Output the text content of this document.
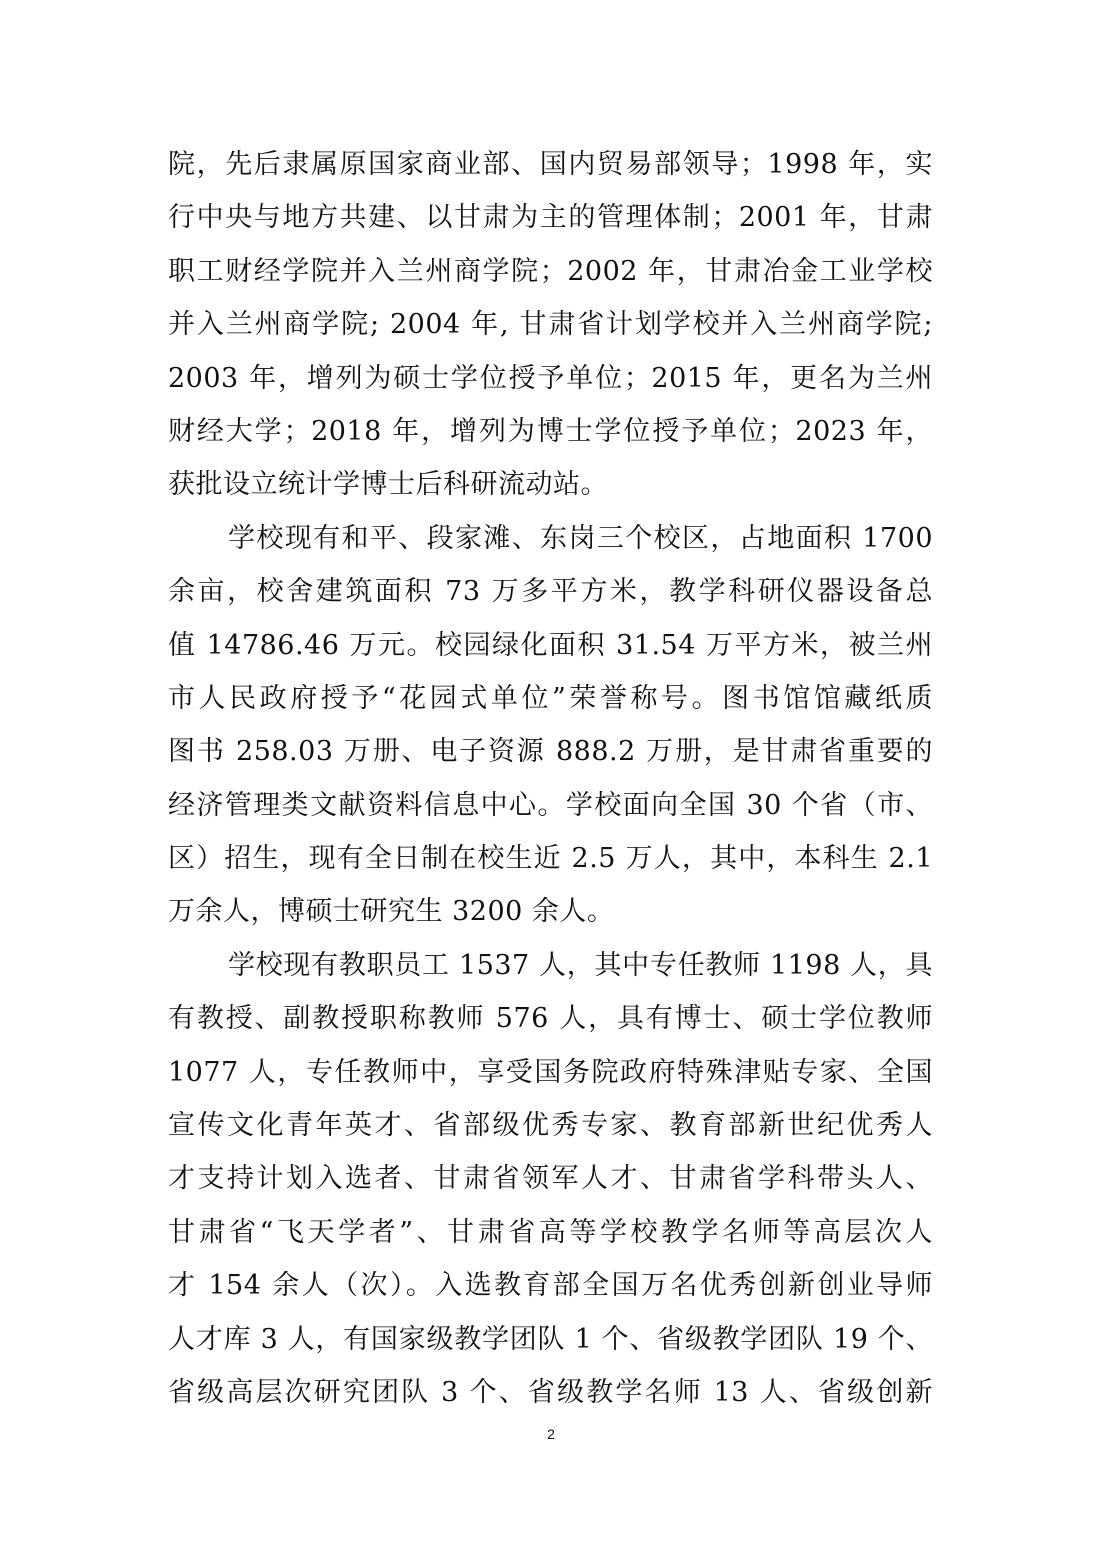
院，先后隶属原国家商业部、国内贸易部领导；1998 年，实
行中央与地方共建、以甘肃为主的管理体制；2001 年，甘肃
职工财经学院并入兰州商学院；2002 年，甘肃冶金工业学校
并入兰州商学院; 2004 年, 甘肃省计划学校并入兰州商学院;
2003 年，增列为硕士学位授予单位；2015 年，更名为兰州
财经大学；2018 年，增列为博士学位授予单位；2023 年，
获批设立统计学博士后科研流动站。
学校现有和平、段家滩、东岗三个校区，占地面积 1700
余亩，校舍建筑面积 73 万多平方米，教学科研仪器设备总
值 14786.46 万元。校园绿化面积 31.54 万平方米，被兰州
市人民政府授予“花园式单位”荣誉称号。图书馆馆藏纸质
图书 258.03 万册、电子资源 888.2 万册，是甘肃省重要的
经济管理类文献资料信息中心。学校面向全国 30 个省（市、
区）招生，现有全日制在校生近 2.5 万人，其中，本科生 2.1
万余人，博硕士研究生 3200 余人。
学校现有教职员工 1537 人，其中专任教师 1198 人，具
有教授、副教授职称教师 576 人，具有博士、硕士学位教师
1077 人，专任教师中，享受国务院政府特殊津贴专家、全国
宣传文化青年英才、省部级优秀专家、教育部新世纪优秀人
才支持计划入选者、甘肃省领军人才、甘肃省学科带头人、
甘肃省“飞天学者”、甘肃省高等学校教学名师等高层次人
才 154 余人（次）。入选教育部全国万名优秀创新创业导师
人才库 3 人，有国家级教学团队 1 个、省级教学团队 19 个、
省级高层次研究团队 3 个、省级教学名师 13 人、省级创新
2
